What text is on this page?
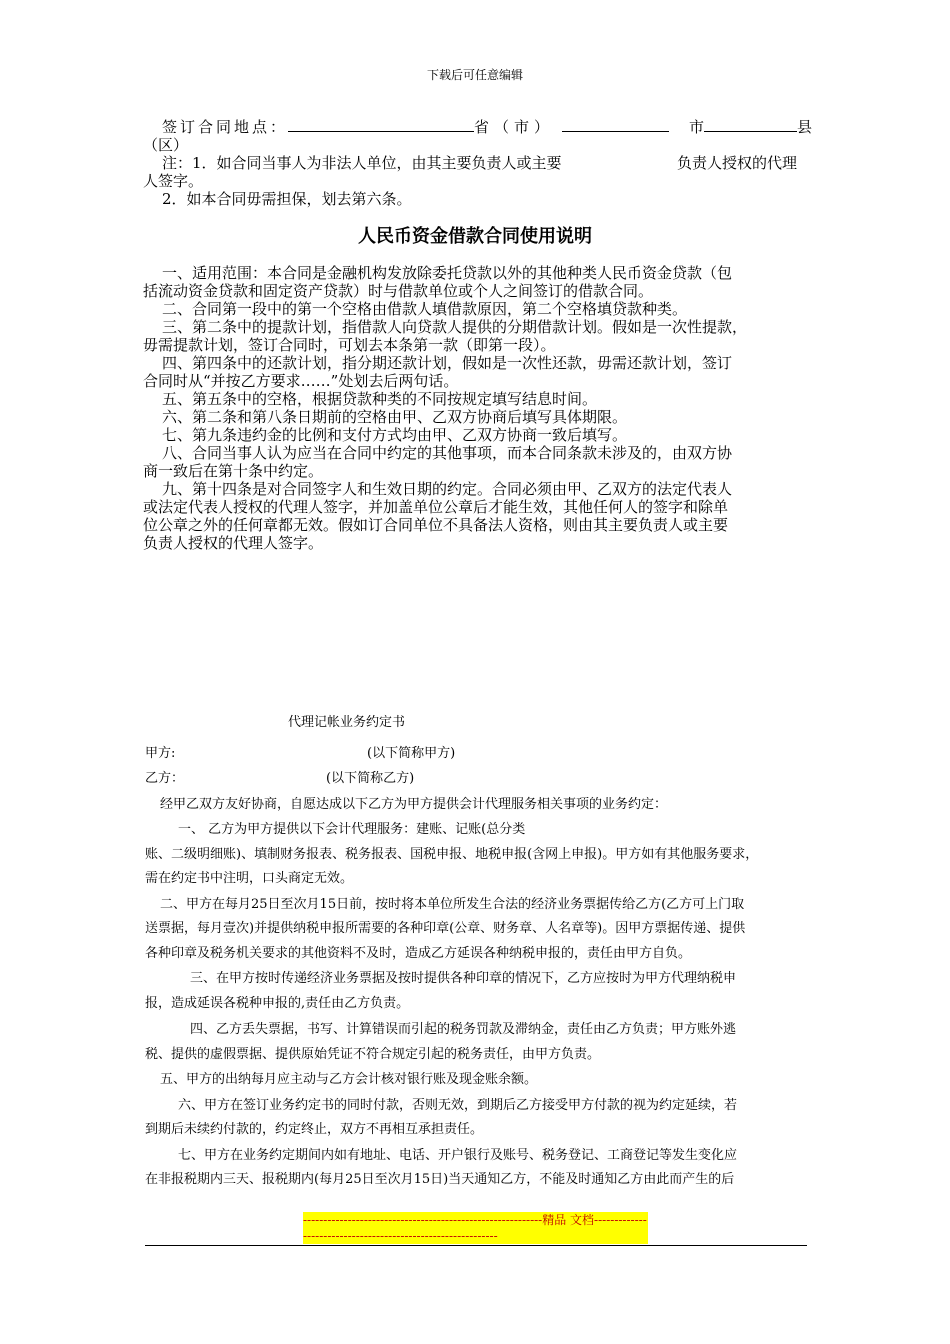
下载后可任意编辑
签订合同地点：	省（市）	市	县
（区）
注：1．如合同当事人为非法人单位，由其主要负责人或主要	负责人授权的代理
人签字。
2．如本合同毋需担保，划去第六条。
人民币资金借款合同使用说明
一、适用范围：本合同是金融机构发放除委托贷款以外的其他种类人民币资金贷款（包
括流动资金贷款和固定资产贷款）时与借款单位或个人之间签订的借款合同。
二、合同第一段中的第一个空格由借款人填借款原因，第二个空格填贷款种类。
三、第二条中的提款计划，指借款人向贷款人提供的分期借款计划。假如是一次性提款，
毋需提款计划，签订合同时，可划去本条第一款（即第一段）。
四、第四条中的还款计划，指分期还款计划，假如是一次性还款，毋需还款计划，签订
合同时从“并按乙方要求……”处划去后两句话。
五、第五条中的空格，根据贷款种类的不同按规定填写结息时间。
六、第二条和第八条日期前的空格由甲、乙双方协商后填写具体期限。
七、第九条违约金的比例和支付方式均由甲、乙双方协商一致后填写。
八、合同当事人认为应当在合同中约定的其他事项，而本合同条款未涉及的，由双方协
商一致后在第十条中约定。
九、第十四条是对合同签字人和生效日期的约定。合同必须由甲、乙双方的法定代表人
或法定代表人授权的代理人签字，并加盖单位公章后才能生效，其他任何人的签字和除单
位公章之外的任何章都无效。假如订合同单位不具备法人资格，则由其主要负责人或主要
负责人授权的代理人签字。
代理记帐业务约定书
甲方:	(以下简称甲方)
乙方：	(以下简称乙方)
经甲乙双方友好协商，自愿达成以下乙方为甲方提供会计代理服务相关事项的业务约定：
一、 乙方为甲方提供以下会计代理服务：建账、记账(总分类
账、二级明细账)、填制财务报表、税务报表、国税申报、地税申报(含网上申报)。甲方如有其他服务要求，
需在约定书中注明，口头商定无效。
二、甲方在每月25日至次月15日前，按时将本单位所发生合法的经济业务票据传给乙方(乙方可上门取
送票据，每月壹次)并提供纳税申报所需要的各种印章(公章、财务章、人名章等)。因甲方票据传递、提供
各种印章及税务机关要求的其他资料不及时，造成乙方延误各种纳税申报的，责任由甲方自负。
三、在甲方按时传递经济业务票据及按时提供各种印章的情况下，乙方应按时为甲方代理纳税申
报，造成延误各税种申报的,责任由乙方负责。
四、乙方丢失票据，书写、计算错误而引起的税务罚款及滞纳金，责任由乙方负责；甲方账外逃
税、提供的虚假票据、提供原始凭证不符合规定引起的税务责任，由甲方负责。
五、甲方的出纳每月应主动与乙方会计核对银行账及现金账余额。
六、甲方在签订业务约定书的同时付款，否则无效，到期后乙方接受甲方付款的视为约定延续，若
到期后未续约付款的，约定终止，双方不再相互承担责任。
七、甲方在业务约定期间内如有地址、电话、开户银行及账号、税务登记、工商登记等发生变化应
在非报税期内三天、报税期内(每月25日至次月15日)当天通知乙方，不能及时通知乙方由此而产生的后
-----------------------------------------------------------精品 文档-------------------------------------------------------------
